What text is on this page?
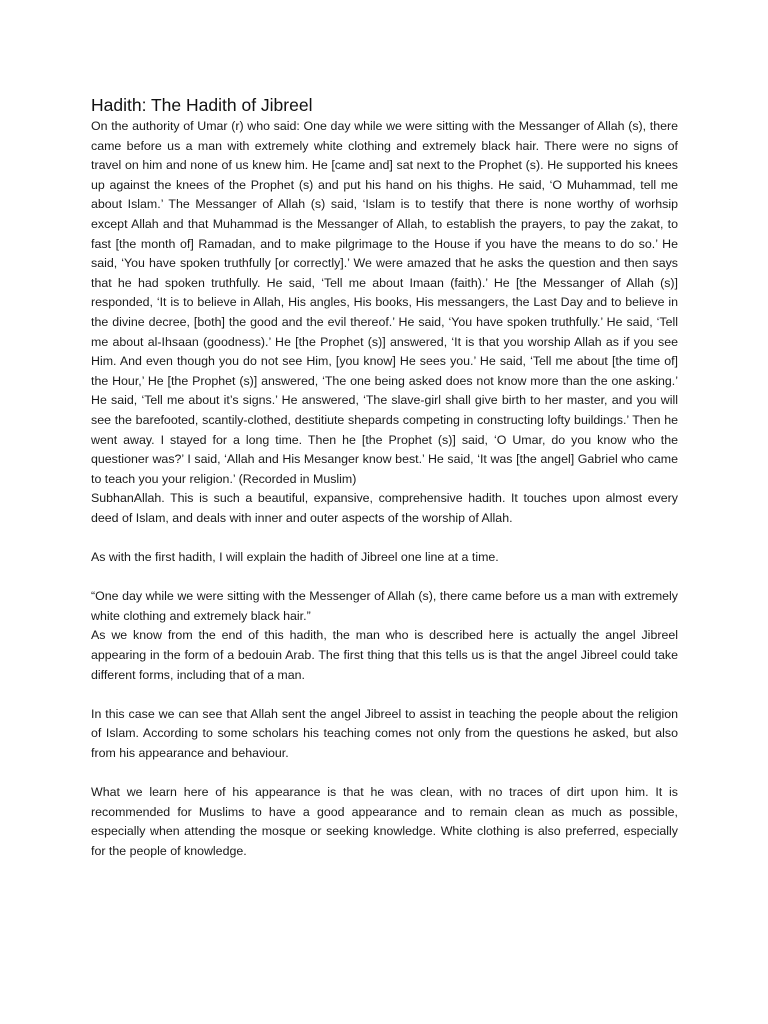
Hadith: The Hadith of Jibreel

On the authority of Umar (r) who said: One day while we were sitting with the Messanger of Allah (s), there came before us a man with extremely white clothing and extremely black hair. There were no signs of travel on him and none of us knew him. He [came and] sat next to the Prophet (s). He supported his knees up against the knees of the Prophet (s) and put his hand on his thighs. He said, ‘O Muhammad, tell me about Islam.’ The Messanger of Allah (s) said, ‘Islam is to testify that there is none worthy of worhsip except Allah and that Muhammad is the Messanger of Allah, to establish the prayers, to pay the zakat, to fast [the month of] Ramadan, and to make pilgrimage to the House if you have the means to do so.’ He said, ‘You have spoken truthfully [or correctly].’ We were amazed that he asks the question and then says that he had spoken truthfully. He said, ‘Tell me about Imaan (faith).’ He [the Messanger of Allah (s)] responded, ‘It is to believe in Allah, His angles, His books, His messangers, the Last Day and to believe in the divine decree, [both] the good and the evil thereof.’ He said, ‘You have spoken truthfully.’ He said, ‘Tell me about al-Ihsaan (goodness).’ He [the Prophet (s)] answered, ‘It is that you worship Allah as if you see Him. And even though you do not see Him, [you know] He sees you.’ He said, ‘Tell me about [the time of] the Hour,’ He [the Prophet (s)] answered, ‘The one being asked does not know more than the one asking.’ He said, ‘Tell me about it’s signs.’ He answered, ‘The slave-girl shall give birth to her master, and you will see the barefooted, scantily-clothed, destitiute shepards competing in constructing lofty buildings.’ Then he went away. I stayed for a long time. Then he [the Prophet (s)] said, ‘O Umar, do you know who the questioner was?’ I said, ‘Allah and His Mesanger know best.’ He said, ‘It was [the angel] Gabriel who came to teach you your religion.’ (Recorded in Muslim)

SubhanAllah. This is such a beautiful, expansive, comprehensive hadith. It touches upon almost every deed of Islam, and deals with inner and outer aspects of the worship of Allah.

As with the first hadith, I will explain the hadith of Jibreel one line at a time.

“One day while we were sitting with the Messenger of Allah (s), there came before us a man with extremely white clothing and extremely black hair.”

As we know from the end of this hadith, the man who is described here is actually the angel Jibreel appearing in the form of a bedouin Arab. The first thing that this tells us is that the angel Jibreel could take different forms, including that of a man.

In this case we can see that Allah sent the angel Jibreel to assist in teaching the people about the religion of Islam. According to some scholars his teaching comes not only from the questions he asked, but also from his appearance and behaviour.

What we learn here of his appearance is that he was clean, with no traces of dirt upon him. It is recommended for Muslims to have a good appearance and to remain clean as much as possible, especially when attending the mosque or seeking knowledge. White clothing is also preferred, especially for the people of knowledge.
